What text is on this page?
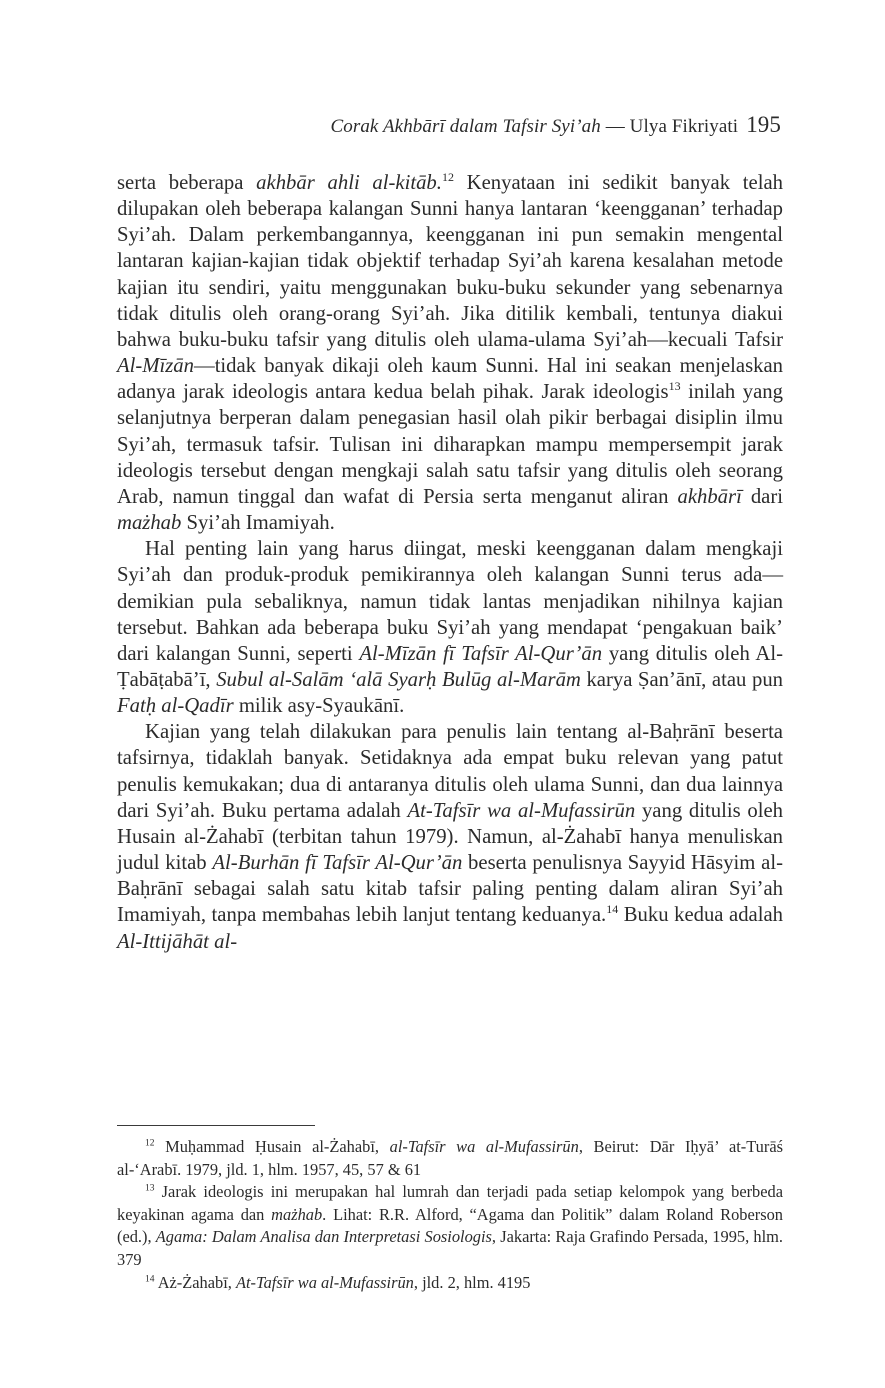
Corak Akhbārī dalam Tafsir Syi’ah — Ulya Fikriyati 195

serta beberapa akhbār ahli al-kitāb.$^{12}$ Kenyataan ini sedikit banyak telah dilupakan oleh beberapa kalangan Sunni hanya lantaran ‘keengganan’ terhadap Syi’ah. Dalam perkembangannya, keengganan ini pun semakin mengental lantaran kajian-kajian tidak objektif terhadap Syi’ah karena kesalahan metode kajian itu sendiri, yaitu menggunakan buku-buku sekunder yang sebenarnya tidak ditulis oleh orang-orang Syi’ah. Jika ditilik kembali, tentunya diakui bahwa buku-buku tafsir yang ditulis oleh ulama-ulama Syi’ah—kecuali Tafsir Al-Mīzān—tidak banyak dikaji oleh kaum Sunni. Hal ini seakan menjelaskan adanya jarak ideologis antara kedua belah pihak. Jarak ideologis$^{13}$ inilah yang selanjutnya berperan dalam penegasian hasil olah pikir berbagai disiplin ilmu Syi’ah, termasuk tafsir. Tulisan ini diharapkan mampu mempersempit jarak ideologis tersebut dengan mengkaji salah satu tafsir yang ditulis oleh seorang Arab, namun tinggal dan wafat di Persia serta menganut aliran akhbārī dari mażhab Syi’ah Imamiyah.

Hal penting lain yang harus diingat, meski keengganan dalam mengkaji Syi’ah dan produk-produk pemikirannya oleh kalangan Sunni terus ada—demikian pula sebaliknya, namun tidak lantas menjadikan nihilnya kajian tersebut. Bahkan ada beberapa buku Syi’ah yang mendapat ‘pengakuan baik’ dari kalangan Sunni, seperti Al-Mīzān fī Tafsīr Al-Qur’ān yang ditulis oleh Al-Ṭabāṭabā’ī, Subul al-Salām ‘alā Syarḥ Bulūg al-Marām karya Ṣan’ānī, atau pun Fatḥ al-Qadīr milik asy-Syaukānī.

Kajian yang telah dilakukan para penulis lain tentang al-Baḥrānī beserta tafsirnya, tidaklah banyak. Setidaknya ada empat buku relevan yang patut penulis kemukakan; dua di antaranya ditulis oleh ulama Sunni, dan dua lainnya dari Syi’ah. Buku pertama adalah At-Tafsīr wa al-Mufassirūn yang ditulis oleh Husain al-Żahabī (terbitan tahun 1979). Namun, al-Żahabī hanya menuliskan judul kitab Al-Burhān fī Tafsīr Al-Qur’ān beserta penulisnya Sayyid Hāsyim al-Baḥrānī sebagai salah satu kitab tafsir paling penting dalam aliran Syi’ah Imamiyah, tanpa membahas lebih lanjut tentang keduanya.$^{14}$ Buku kedua adalah Al-Ittijāhāt al-

$^{12}$ Muḥammad Ḥusain al-Żahabī, al-Tafsīr wa al-Mufassirūn, Beirut: Dār Iḥyā’ at-Turāś al-‘Arabī. 1979, jld. 1, hlm. 1957, 45, 57 & 61

$^{13}$ Jarak ideologis ini merupakan hal lumrah dan terjadi pada setiap kelompok yang berbeda keyakinan agama dan mażhab. Lihat: R.R. Alford, “Agama dan Politik” dalam Roland Roberson (ed.), Agama: Dalam Analisa dan Interpretasi Sosiologis, Jakarta: Raja Grafindo Persada, 1995, hlm. 379

$^{14}$ Aż-Żahabī, At-Tafsīr wa al-Mufassirūn, jld. 2, hlm. 4195
